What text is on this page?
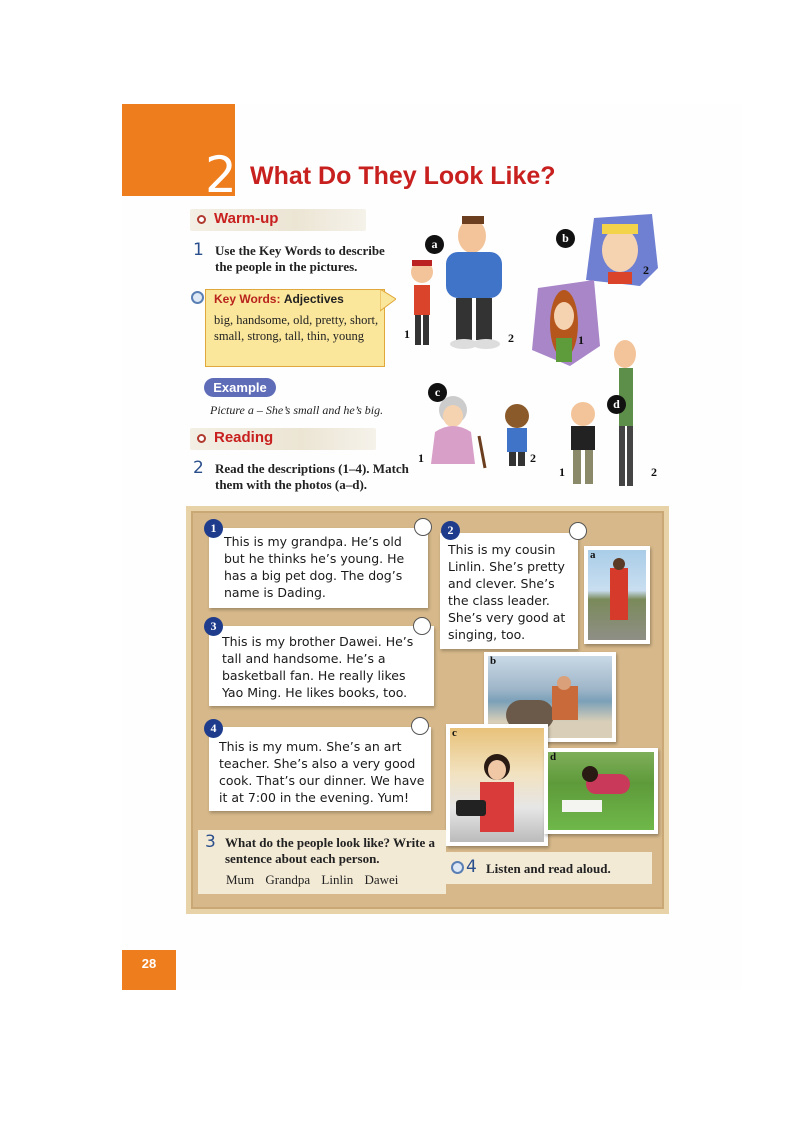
2 What Do They Look Like?
Warm-up
1 Use the Key Words to describe the people in the pictures.
Key Words: Adjectives
big, handsome, old, pretty, short, small, strong, tall, thin, young
Example
Picture a – She’s small and he’s big.
a
1	2
b
2
1
c
1	2
d
1	2
Reading
2 Read the descriptions (1–4). Match them with the photos (a–d).
This is my grandpa. He’s old but he thinks he’s young. He has a big pet dog. The dog’s name is Dading.
1
This is my cousin Linlin. She’s pretty and clever. She’s the class leader. She’s very good at singing, too.
2
This is my brother Dawei. He’s tall and handsome. He’s a basketball fan. He really likes Yao Ming. He likes books, too.
3
This is my mum. She’s an art teacher. She’s also a very good cook. That’s our dinner. We have it at 7:00 in the evening. Yum!
4
a
b
c
d
3 What do the people look like? Write a sentence about each person.
Mum Grandpa Linlin Dawei
4 Listen and read aloud.
28
